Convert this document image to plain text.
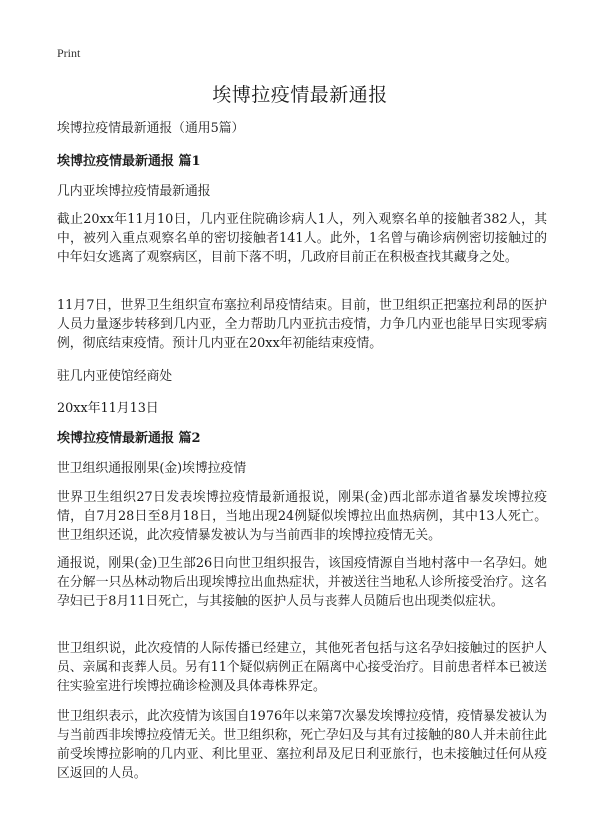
Print
埃博拉疫情最新通报

埃博拉疫情最新通报（通用5篇）

埃博拉疫情最新通报 篇1

几内亚埃博拉疫情最新通报

截止20xx年11月10日，几内亚住院确诊病人1人，列入观察名单的接触者382人，其中，被列入重点观察名单的密切接触者141人。此外，1名曾与确诊病例密切接触过的中年妇女逃离了观察病区，目前下落不明，几政府目前正在积极查找其藏身之处。

11月7日，世界卫生组织宣布塞拉利昂疫情结束。目前，世卫组织正把塞拉利昂的医护人员力量逐步转移到几内亚，全力帮助几内亚抗击疫情，力争几内亚也能早日实现零病例，彻底结束疫情。预计几内亚在20xx年初能结束疫情。

驻几内亚使馆经商处

20xx年11月13日

埃博拉疫情最新通报 篇2

世卫组织通报刚果(金)埃博拉疫情

世界卫生组织27日发表埃博拉疫情最新通报说，刚果(金)西北部赤道省暴发埃博拉疫情，自7月28日至8月18日，当地出现24例疑似埃博拉出血热病例，其中13人死亡。世卫组织还说，此次疫情暴发被认为与当前西非的埃博拉疫情无关。

通报说，刚果(金)卫生部26日向世卫组织报告，该国疫情源自当地村落中一名孕妇。她在分解一只丛林动物后出现埃博拉出血热症状，并被送往当地私人诊所接受治疗。这名孕妇已于8月11日死亡，与其接触的医护人员与丧葬人员随后也出现类似症状。

世卫组织说，此次疫情的人际传播已经建立，其他死者包括与这名孕妇接触过的医护人员、亲属和丧葬人员。另有11个疑似病例正在隔离中心接受治疗。目前患者样本已被送往实验室进行埃博拉确诊检测及具体毒株界定。

世卫组织表示，此次疫情为该国自1976年以来第7次暴发埃博拉疫情，疫情暴发被认为与当前西非埃博拉疫情无关。世卫组织称，死亡孕妇及与其有过接触的80人并未前往此前受埃博拉影响的几内亚、利比里亚、塞拉利昂及尼日利亚旅行，也未接触过任何从疫区返回的人员。
